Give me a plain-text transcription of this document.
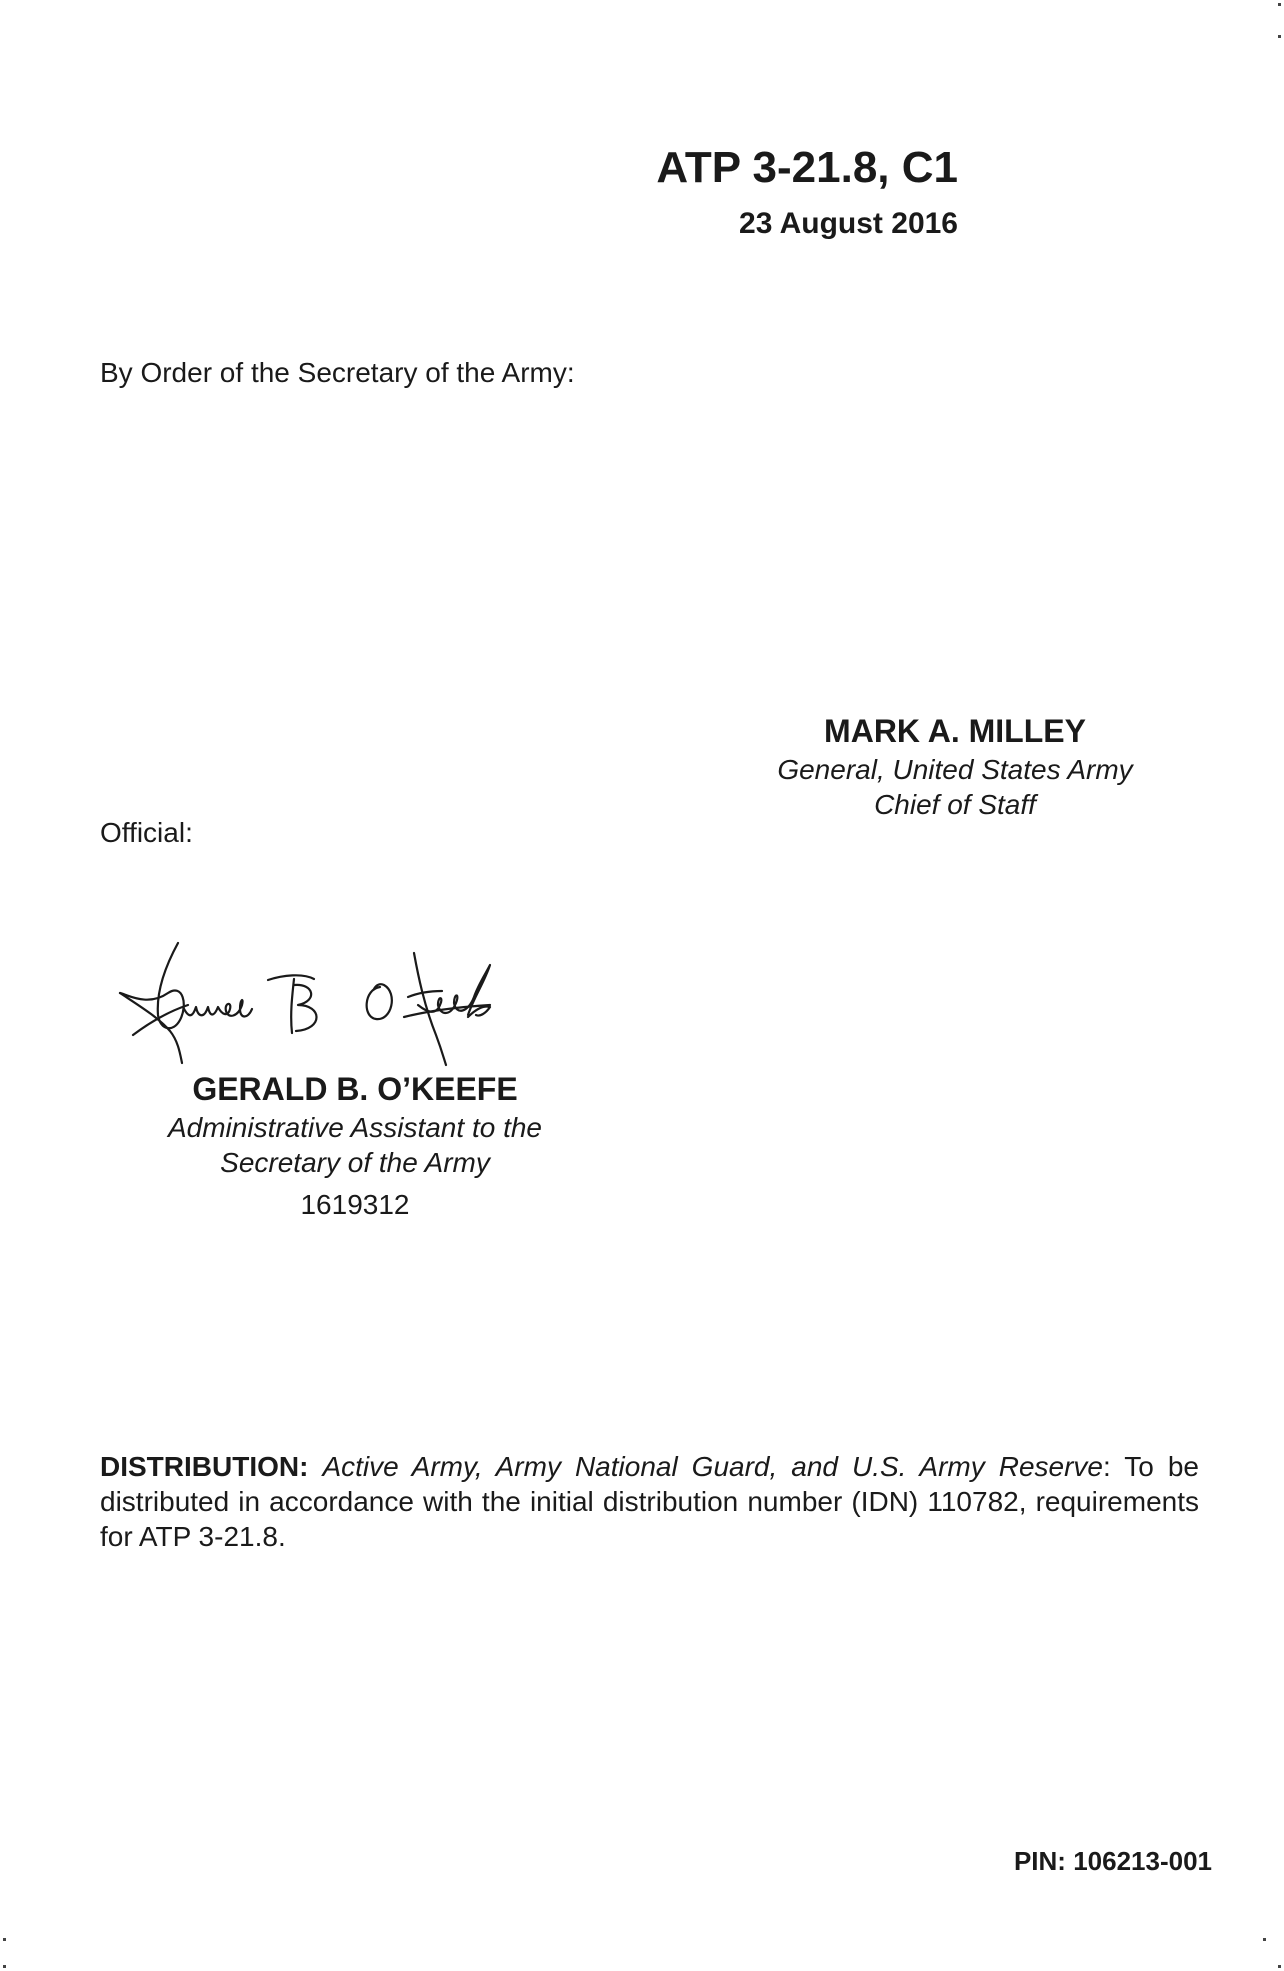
ATP 3-21.8, C1
23 August 2016
By Order of the Secretary of the Army:
MARK A. MILLEY
General, United States Army
Chief of Staff
Official:
GERALD B. O’KEEFE
Administrative Assistant to the
Secretary of the Army
1619312
DISTRIBUTION: Active Army, Army National Guard, and U.S. Army Reserve: To be distributed in accordance with the initial distribution number (IDN) 110782, requirements for ATP 3-21.8.
PIN: 106213-001
